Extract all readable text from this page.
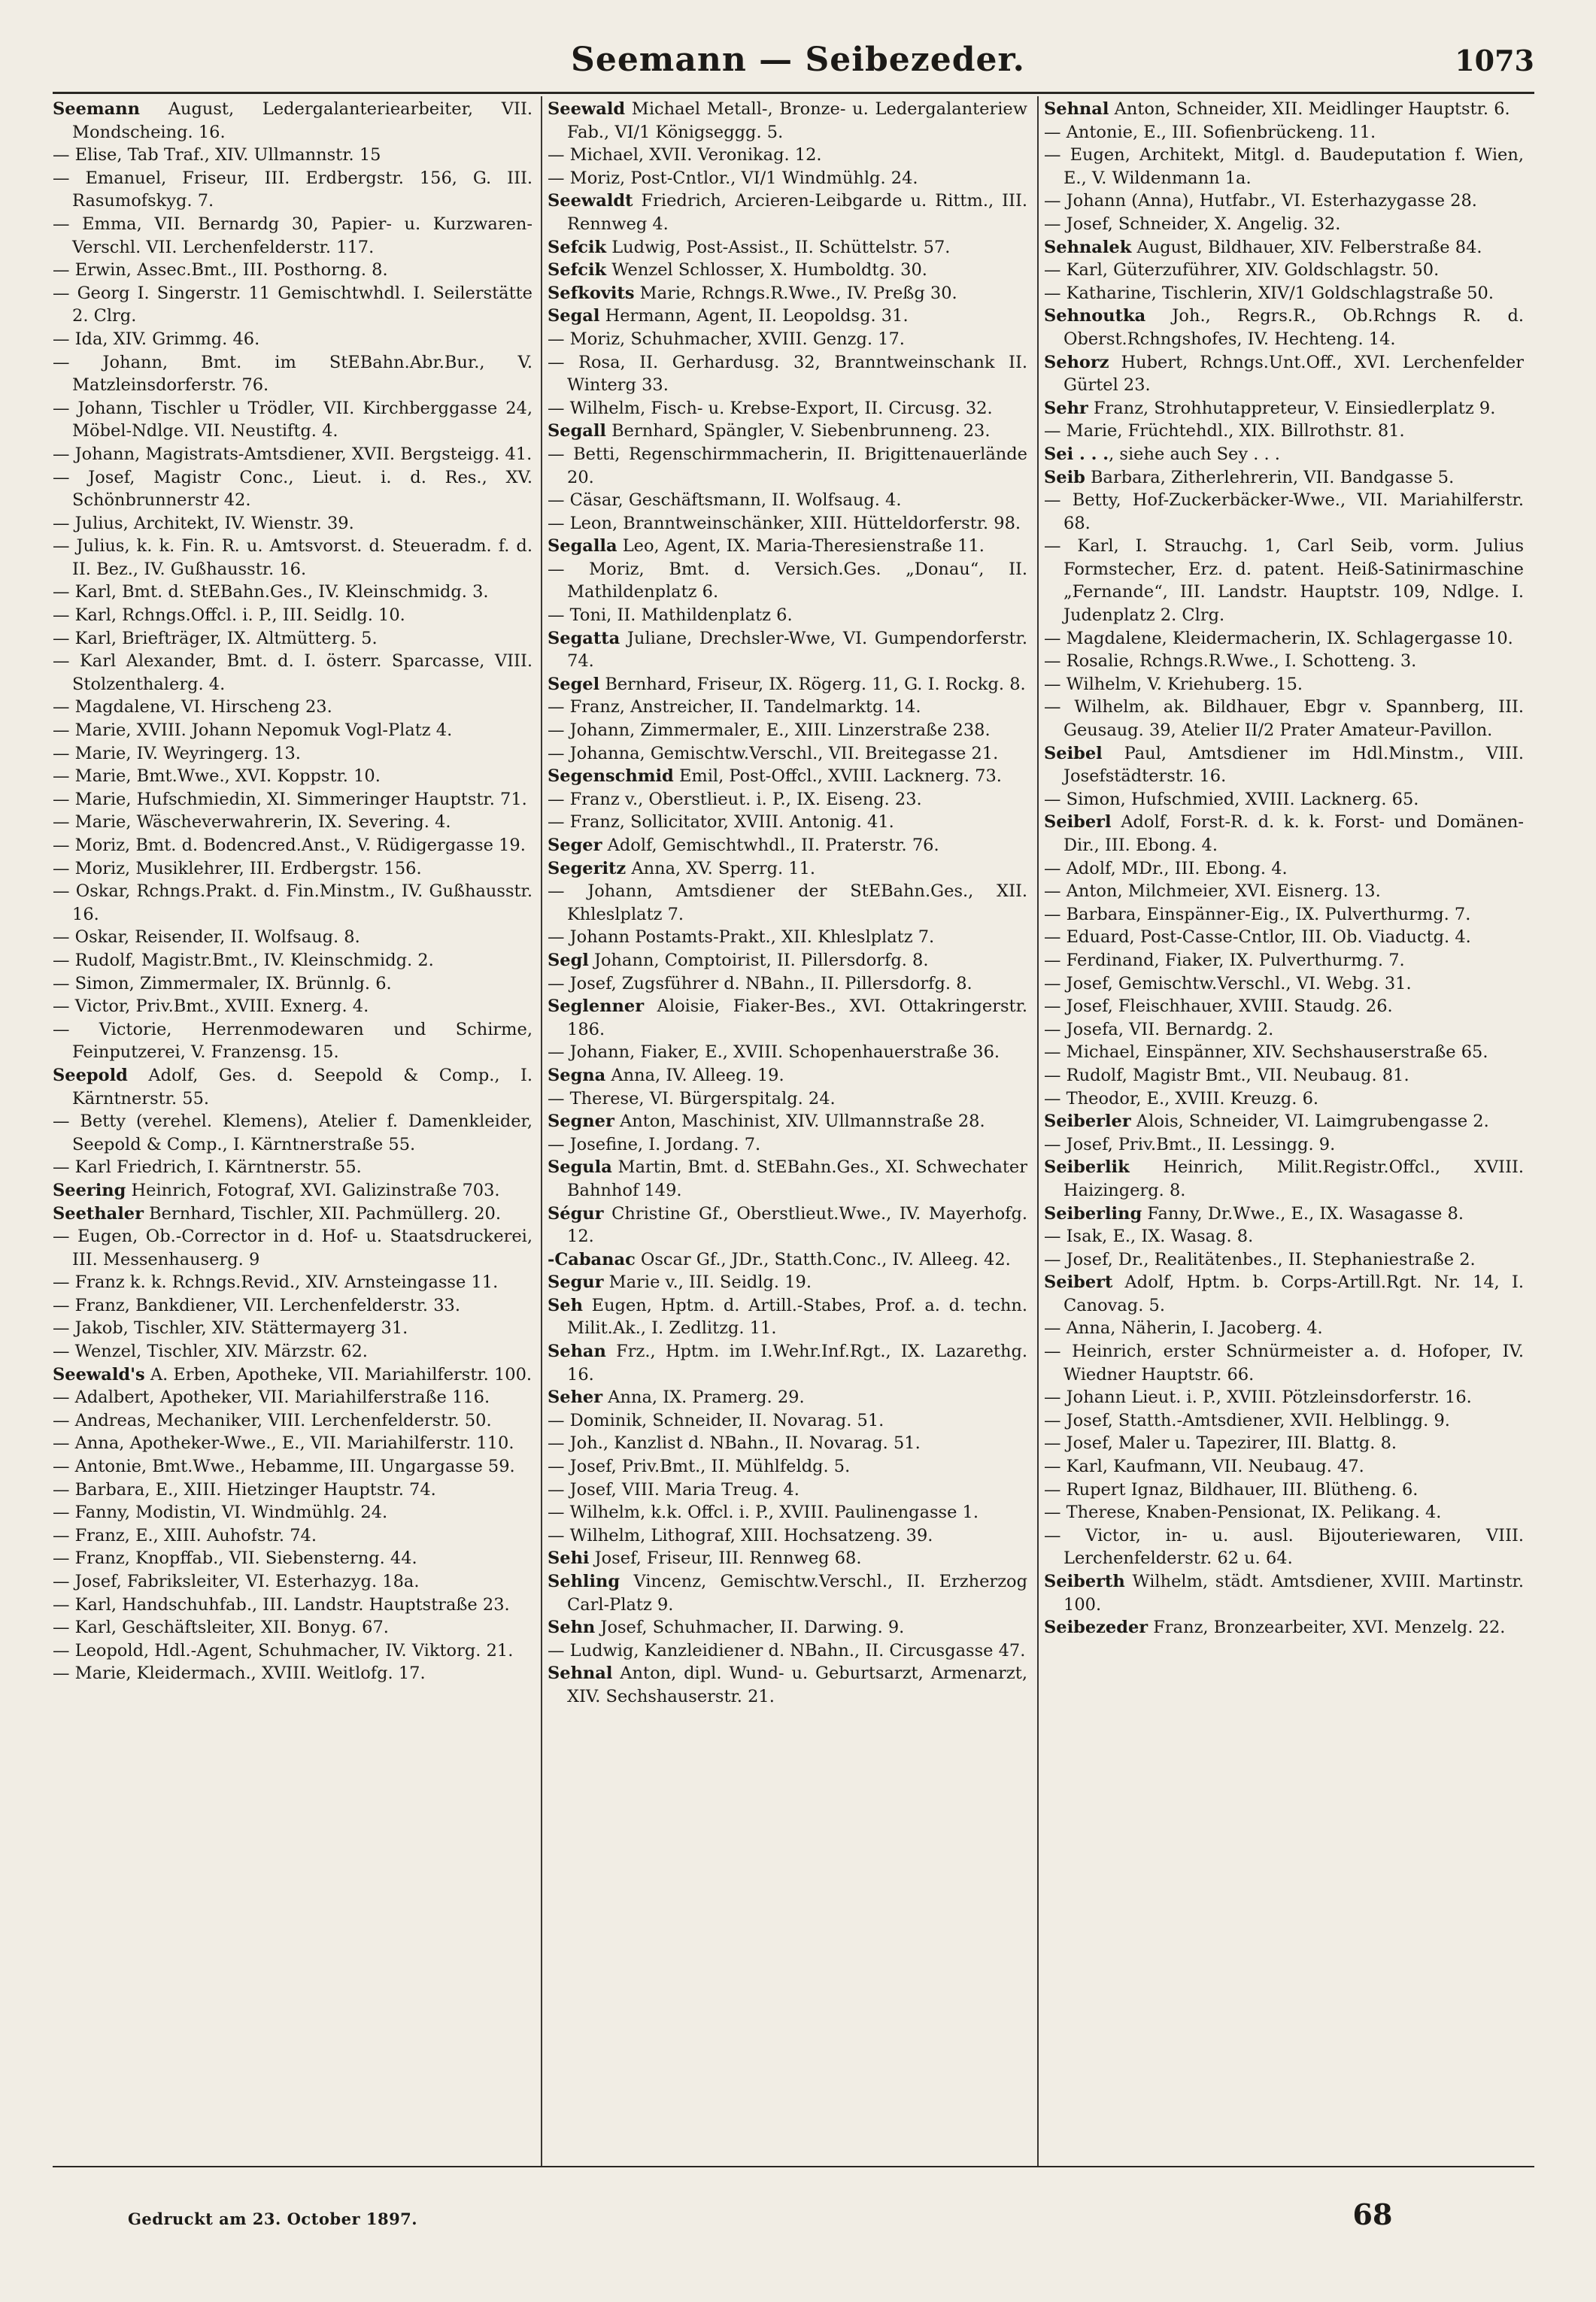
Seemann — Seibezeder.	1073
Seemann August, Ledergalanteriearbeiter, VII. Mondscheing. 16.
— Elise, Tab Traf., XIV. Ullmannstr. 15
— Emanuel, Friseur, III. Erdbergstr. 156, G. III. Rasumofskyg. 7.
— Emma, VII. Bernardg 30, Papier- u. Kurzwaren-Verschl. VII. Lerchenfelderstr. 117.
— Erwin, Assec.Bmt., III. Posthorng. 8.
— Georg I. Singerstr. 11 Gemischtwhdl. I. Seilerstätte 2. Clrg.
— Ida, XIV. Grimmg. 46.
— Johann, Bmt. im StEBahn.Abr.Bur., V. Matzleinsdorferstr. 76.
— Johann, Tischler u Trödler, VII. Kirchberggasse 24, Möbel-Ndlge. VII. Neustiftg. 4.
— Johann, Magistrats-Amtsdiener, XVII. Bergsteigg. 41.
— Josef, Magistr Conc., Lieut. i. d. Res., XV. Schönbrunnerstr 42.
— Julius, Architekt, IV. Wienstr. 39.
— Julius, k. k. Fin. R. u. Amtsvorst. d. Steueradm. f. d. II. Bez., IV. Gußhausstr. 16.
— Karl, Bmt. d. StEBahn.Ges., IV. Kleinschmidg. 3.
— Karl, Rchngs.Offcl. i. P., III. Seidlg. 10.
— Karl, Briefträger, IX. Altmütterg. 5.
— Karl Alexander, Bmt. d. I. österr. Sparcasse, VIII. Stolzenthalerg. 4.
— Magdalene, VI. Hirscheng 23.
— Marie, XVIII. Johann Nepomuk Vogl-Platz 4.
— Marie, IV. Weyringerg. 13.
— Marie, Bmt.Wwe., XVI. Koppstr. 10.
— Marie, Hufschmiedin, XI. Simmeringer Hauptstr. 71.
— Marie, Wäscheverwahrerin, IX. Severing. 4.
— Moriz, Bmt. d. Bodencred.Anst., V. Rüdigergasse 19.
— Moriz, Musiklehrer, III. Erdbergstr. 156.
— Oskar, Rchngs.Prakt. d. Fin.Minstm., IV. Gußhausstr. 16.
— Oskar, Reisender, II. Wolfsaug. 8.
— Rudolf, Magistr.Bmt., IV. Kleinschmidg. 2.
— Simon, Zimmermaler, IX. Brünnlg. 6.
— Victor, Priv.Bmt., XVIII. Exnerg. 4.
— Victorie, Herrenmodewaren und Schirme, Feinputzerei, V. Franzensg. 15.
Seepold Adolf, Ges. d. Seepold & Comp., I. Kärntnerstr. 55.
— Betty (verehel. Klemens), Atelier f. Damenkleider, Seepold & Comp., I. Kärntnerstraße 55.
— Karl Friedrich, I. Kärntnerstr. 55.
Seering Heinrich, Fotograf, XVI. Galizinstraße 703.
Seethaler Bernhard, Tischler, XII. Pachmüllerg. 20.
— Eugen, Ob.-Corrector in d. Hof- u. Staatsdruckerei, III. Messenhauserg. 9
— Franz k. k. Rchngs.Revid., XIV. Arnsteingasse 11.
— Franz, Bankdiener, VII. Lerchenfelderstr. 33.
— Jakob, Tischler, XIV. Stättermayerg 31.
— Wenzel, Tischler, XIV. Märzstr. 62.
Seewald's A. Erben, Apotheke, VII. Mariahilferstr. 100.
— Adalbert, Apotheker, VII. Mariahilferstraße 116.
— Andreas, Mechaniker, VIII. Lerchenfelderstr. 50.
— Anna, Apotheker-Wwe., E., VII. Mariahilferstr. 110.
— Antonie, Bmt.Wwe., Hebamme, III. Ungargasse 59.
— Barbara, E., XIII. Hietzinger Hauptstr. 74.
— Fanny, Modistin, VI. Windmühlg. 24.
— Franz, E., XIII. Auhofstr. 74.
— Franz, Knopffab., VII. Siebensterng. 44.
— Josef, Fabriksleiter, VI. Esterhazyg. 18a.
— Karl, Handschuhfab., III. Landstr. Hauptstraße 23.
— Karl, Geschäftsleiter, XII. Bonyg. 67.
— Leopold, Hdl.-Agent, Schuhmacher, IV. Viktorg. 21.
— Marie, Kleidermach., XVIII. Weitlofg. 17.
Seewald Michael Metall-, Bronze- u. Ledergalanteriew Fab., VI/1 Königseggg. 5.
— Michael, XVII. Veronikag. 12.
— Moriz, Post-Cntlor., VI/1 Windmühlg. 24.
Seewaldt Friedrich, Arcieren-Leibgarde u. Rittm., III. Rennweg 4.
Sefcik Ludwig, Post-Assist., II. Schüttelstr. 57.
Sefcik Wenzel Schlosser, X. Humboldtg. 30.
Sefkovits Marie, Rchngs.R.Wwe., IV. Preßg 30.
Segal Hermann, Agent, II. Leopoldsg. 31.
— Moriz, Schuhmacher, XVIII. Genzg. 17.
— Rosa, II. Gerhardusg. 32, Branntweinschank II. Winterg 33.
— Wilhelm, Fisch- u. Krebse-Export, II. Circusg. 32.
Segall Bernhard, Spängler, V. Siebenbrunneng. 23.
— Betti, Regenschirmmacherin, II. Brigittenauerlände 20.
— Cäsar, Geschäftsmann, II. Wolfsaug. 4.
— Leon, Branntweinschänker, XIII. Hütteldorferstr. 98.
Segalla Leo, Agent, IX. Maria-Theresienstraße 11.
— Moriz, Bmt. d. Versich.Ges. „Donau“, II. Mathildenplatz 6.
— Toni, II. Mathildenplatz 6.
Segatta Juliane, Drechsler-Wwe, VI. Gumpendorferstr. 74.
Segel Bernhard, Friseur, IX. Rögerg. 11, G. I. Rockg. 8.
— Franz, Anstreicher, II. Tandelmarktg. 14.
— Johann, Zimmermaler, E., XIII. Linzerstraße 238.
— Johanna, Gemischtw.Verschl., VII. Breitegasse 21.
Segenschmid Emil, Post-Offcl., XVIII. Lacknerg. 73.
— Franz v., Oberstlieut. i. P., IX. Eiseng. 23.
— Franz, Sollicitator, XVIII. Antonig. 41.
Seger Adolf, Gemischtwhdl., II. Praterstr. 76.
Segeritz Anna, XV. Sperrg. 11.
— Johann, Amtsdiener der StEBahn.Ges., XII. Khleslplatz 7.
— Johann Postamts-Prakt., XII. Khleslplatz 7.
Segl Johann, Comptoirist, II. Pillersdorfg. 8.
— Josef, Zugsführer d. NBahn., II. Pillersdorfg. 8.
Seglenner Aloisie, Fiaker-Bes., XVI. Ottakringerstr. 186.
— Johann, Fiaker, E., XVIII. Schopenhauerstraße 36.
Segna Anna, IV. Alleeg. 19.
— Therese, VI. Bürgerspitalg. 24.
Segner Anton, Maschinist, XIV. Ullmannstraße 28.
— Josefine, I. Jordang. 7.
Segula Martin, Bmt. d. StEBahn.Ges., XI. Schwechater Bahnhof 149.
Ségur Christine Gf., Oberstlieut.Wwe., IV. Mayerhofg. 12.
-Cabanac Oscar Gf., JDr., Statth.Conc., IV. Alleeg. 42.
Segur Marie v., III. Seidlg. 19.
Seh Eugen, Hptm. d. Artill.-Stabes, Prof. a. d. techn. Milit.Ak., I. Zedlitzg. 11.
Sehan Frz., Hptm. im I.Wehr.Inf.Rgt., IX. Lazarethg. 16.
Seher Anna, IX. Pramerg. 29.
— Dominik, Schneider, II. Novarag. 51.
— Joh., Kanzlist d. NBahn., II. Novarag. 51.
— Josef, Priv.Bmt., II. Mühlfeldg. 5.
— Josef, VIII. Maria Treug. 4.
— Wilhelm, k.k. Offcl. i. P., XVIII. Paulinengasse 1.
— Wilhelm, Lithograf, XIII. Hochsatzeng. 39.
Sehi Josef, Friseur, III. Rennweg 68.
Sehling Vincenz, Gemischtw.Verschl., II. Erzherzog Carl-Platz 9.
Sehn Josef, Schuhmacher, II. Darwing. 9.
— Ludwig, Kanzleidiener d. NBahn., II. Circusgasse 47.
Sehnal Anton, dipl. Wund- u. Geburtsarzt, Armenarzt, XIV. Sechshauserstr. 21.
Sehnal Anton, Schneider, XII. Meidlinger Hauptstr. 6.
— Antonie, E., III. Sofienbrückeng. 11.
— Eugen, Architekt, Mitgl. d. Baudeputation f. Wien, E., V. Wildenmann 1a.
— Johann (Anna), Hutfabr., VI. Esterhazygasse 28.
— Josef, Schneider, X. Angelig. 32.
Sehnalek August, Bildhauer, XIV. Felberstraße 84.
— Karl, Güterzuführer, XIV. Goldschlagstr. 50.
— Katharine, Tischlerin, XIV/1 Goldschlagstraße 50.
Sehnoutka Joh., Regrs.R., Ob.Rchngs R. d. Oberst.Rchngshofes, IV. Hechteng. 14.
Sehorz Hubert, Rchngs.Unt.Off., XVI. Lerchenfelder Gürtel 23.
Sehr Franz, Strohhutappreteur, V. Einsiedlerplatz 9.
— Marie, Früchtehdl., XIX. Billrothstr. 81.
Sei . . ., siehe auch Sey . . .
Seib Barbara, Zitherlehrerin, VII. Bandgasse 5.
— Betty, Hof-Zuckerbäcker-Wwe., VII. Mariahilferstr. 68.
— Karl, I. Strauchg. 1, Carl Seib, vorm. Julius Formstecher, Erz. d. patent. Heiß-Satinirmaschine „Fernande“, III. Landstr. Hauptstr. 109, Ndlge. I. Judenplatz 2. Clrg.
— Magdalene, Kleidermacherin, IX. Schlagergasse 10.
— Rosalie, Rchngs.R.Wwe., I. Schotteng. 3.
— Wilhelm, V. Kriehuberg. 15.
— Wilhelm, ak. Bildhauer, Ebgr v. Spannberg, III. Geusaug. 39, Atelier II/2 Prater Amateur-Pavillon.
Seibel Paul, Amtsdiener im Hdl.Minstm., VIII. Josefstädterstr. 16.
— Simon, Hufschmied, XVIII. Lacknerg. 65.
Seiberl Adolf, Forst-R. d. k. k. Forst- und Domänen-Dir., III. Ebong. 4.
— Adolf, MDr., III. Ebong. 4.
— Anton, Milchmeier, XVI. Eisnerg. 13.
— Barbara, Einspänner-Eig., IX. Pulverthurmg. 7.
— Eduard, Post-Casse-Cntlor, III. Ob. Viaductg. 4.
— Ferdinand, Fiaker, IX. Pulverthurmg. 7.
— Josef, Gemischtw.Verschl., VI. Webg. 31.
— Josef, Fleischhauer, XVIII. Staudg. 26.
— Josefa, VII. Bernardg. 2.
— Michael, Einspänner, XIV. Sechshauserstraße 65.
— Rudolf, Magistr Bmt., VII. Neubaug. 81.
— Theodor, E., XVIII. Kreuzg. 6.
Seiberler Alois, Schneider, VI. Laimgrubengasse 2.
— Josef, Priv.Bmt., II. Lessingg. 9.
Seiberlik Heinrich, Milit.Registr.Offcl., XVIII. Haizingerg. 8.
Seiberling Fanny, Dr.Wwe., E., IX. Wasagasse 8.
— Isak, E., IX. Wasag. 8.
— Josef, Dr., Realitätenbes., II. Stephaniestraße 2.
Seibert Adolf, Hptm. b. Corps-Artill.Rgt. Nr. 14, I. Canovag. 5.
— Anna, Näherin, I. Jacoberg. 4.
— Heinrich, erster Schnürmeister a. d. Hofoper, IV. Wiedner Hauptstr. 66.
— Johann Lieut. i. P., XVIII. Pötzleinsdorferstr. 16.
— Josef, Statth.-Amtsdiener, XVII. Helblingg. 9.
— Josef, Maler u. Tapezirer, III. Blattg. 8.
— Karl, Kaufmann, VII. Neubaug. 47.
— Rupert Ignaz, Bildhauer, III. Blütheng. 6.
— Therese, Knaben-Pensionat, IX. Pelikang. 4.
— Victor, in- u. ausl. Bijouteriewaren, VIII. Lerchenfelderstr. 62 u. 64.
Seiberth Wilhelm, städt. Amtsdiener, XVIII. Martinstr. 100.
Seibezeder Franz, Bronzearbeiter, XVI. Menzelg. 22.
Gedruckt am 23. October 1897.	68
